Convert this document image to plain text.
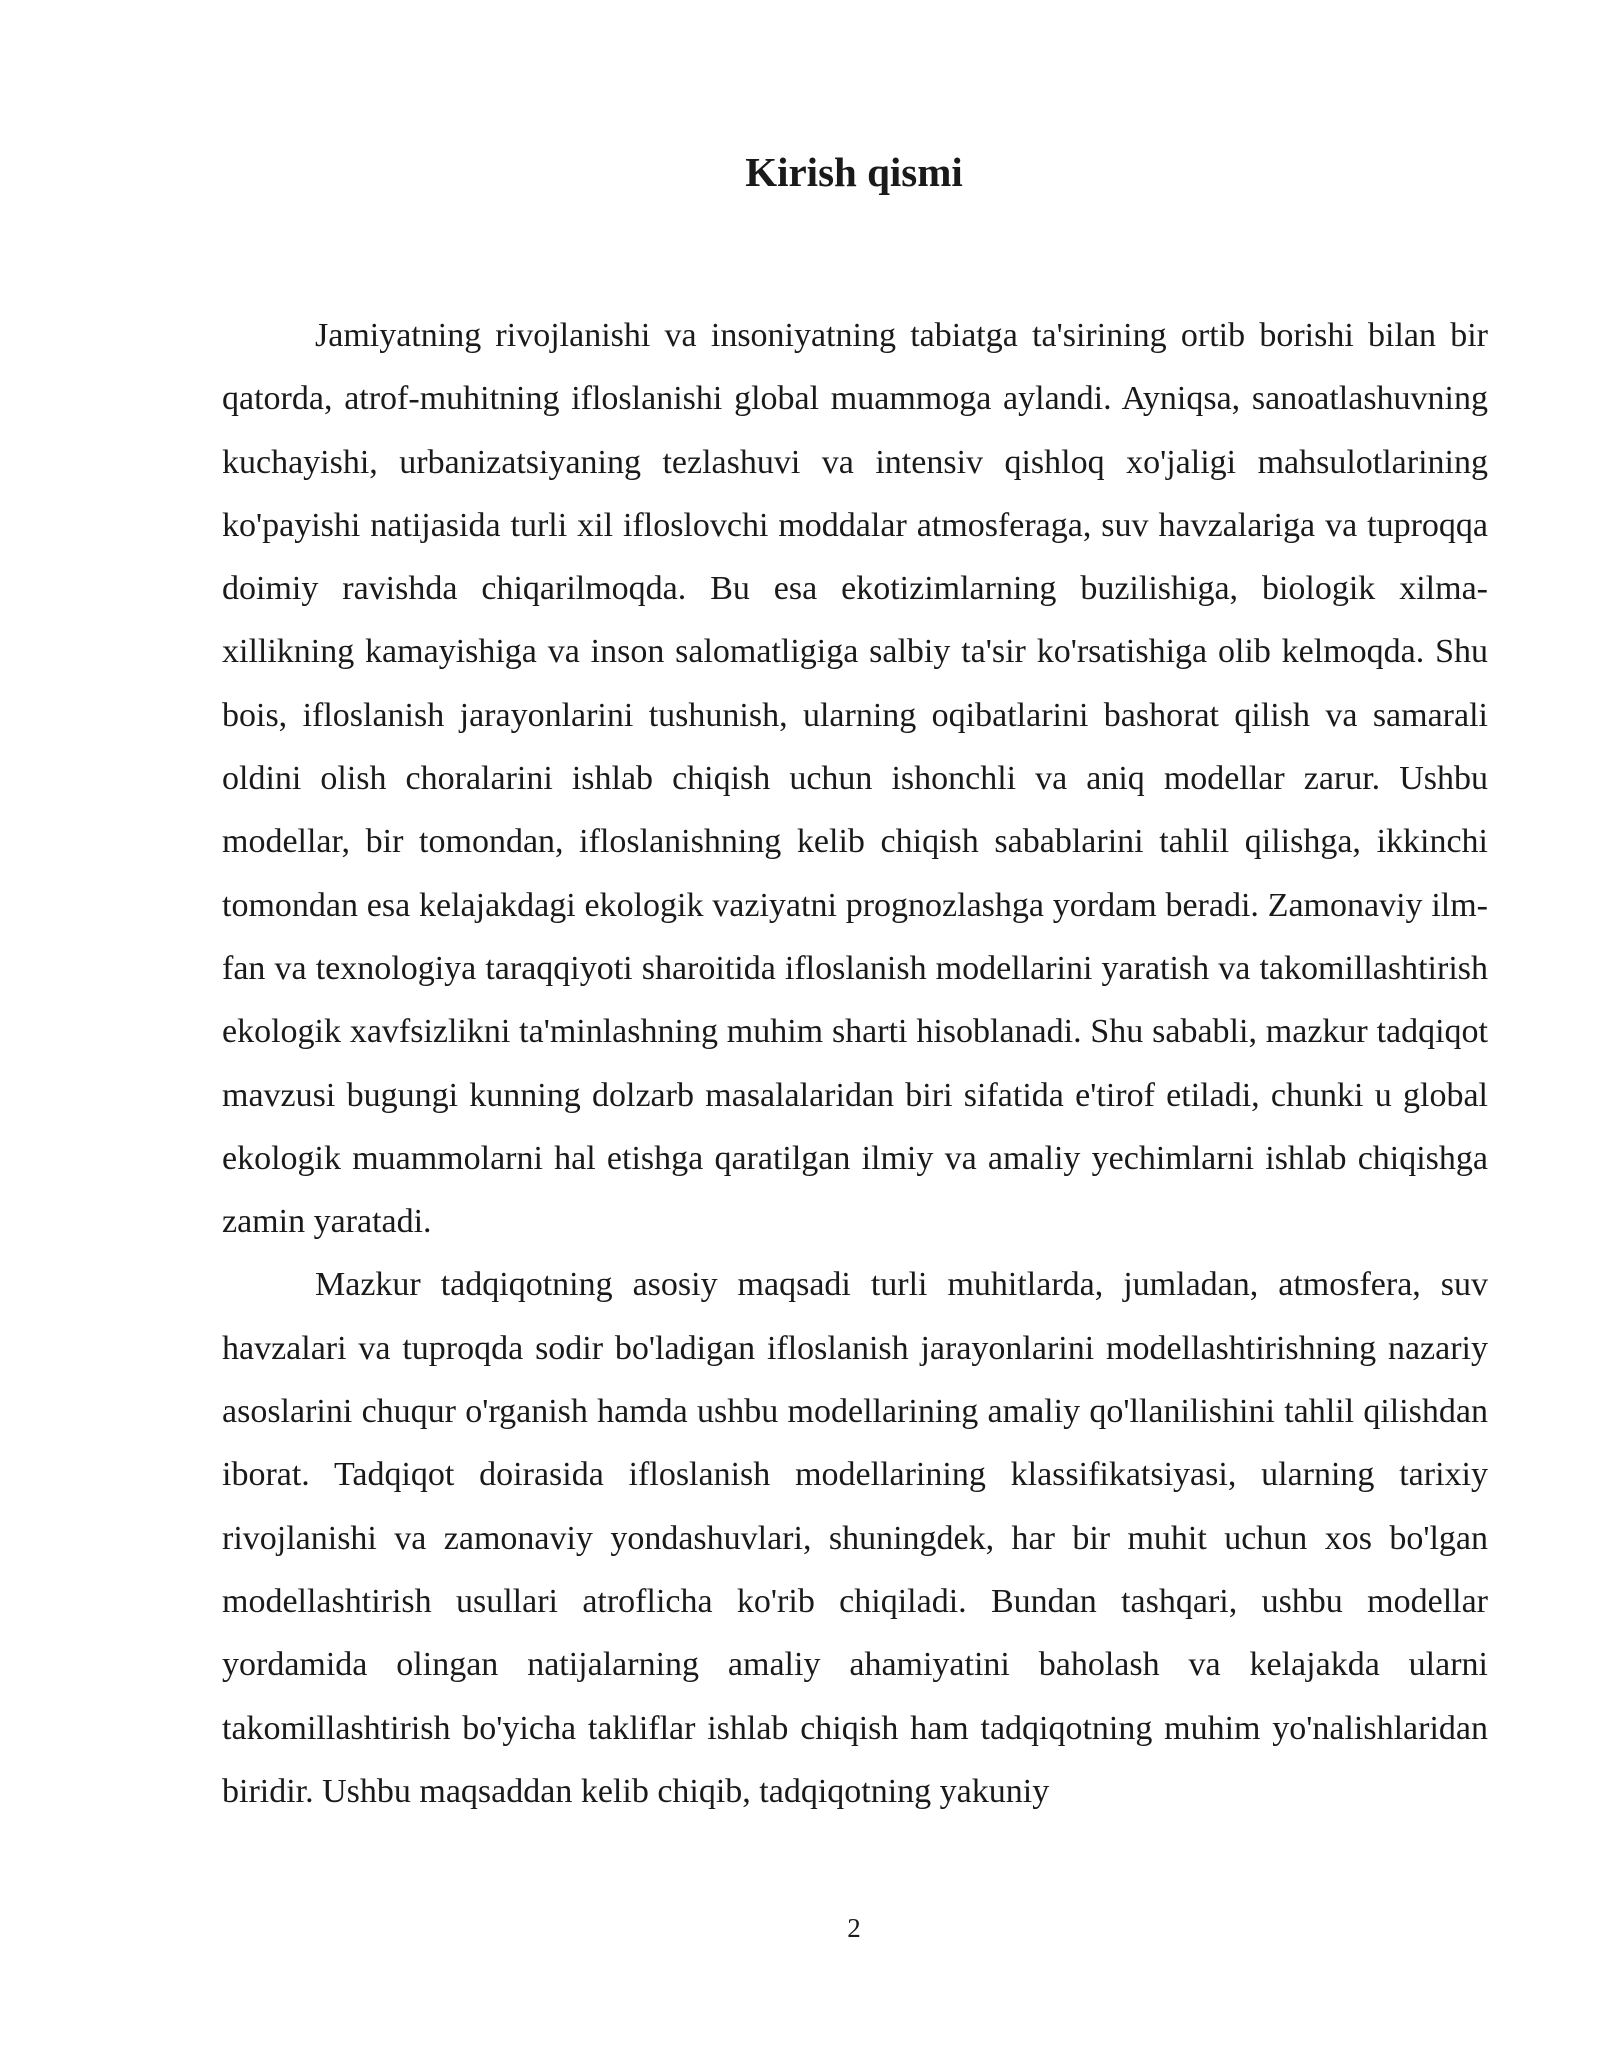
Kirish qismi

Jamiyatning rivojlanishi va insoniyatning tabiatga ta'sirining ortib borishi bilan bir qatorda, atrof-muhitning ifloslanishi global muammoga aylandi. Ayniqsa, sanoatlashuvning kuchayishi, urbanizatsiyaning tezlashuvi va intensiv qishloq xo'jaligi mahsulotlarining ko'payishi natijasida turli xil ifloslovchi moddalar atmosferaga, suv havzalariga va tuproqqa doimiy ravishda chiqarilmoqda. Bu esa ekotizimlarning buzilishiga, biologik xilma-xillikning kamayishiga va inson salomatligiga salbiy ta'sir ko'rsatishiga olib kelmoqda. Shu bois, ifloslanish jarayonlarini tushunish, ularning oqibatlarini bashorat qilish va samarali oldini olish choralarini ishlab chiqish uchun ishonchli va aniq modellar zarur. Ushbu modellar, bir tomondan, ifloslanishning kelib chiqish sabablarini tahlil qilishga, ikkinchi tomondan esa kelajakdagi ekologik vaziyatni prognozlashga yordam beradi. Zamonaviy ilm-fan va texnologiya taraqqiyoti sharoitida ifloslanish modellarini yaratish va takomillashtirish ekologik xavfsizlikni ta'minlashning muhim sharti hisoblanadi. Shu sababli, mazkur tadqiqot mavzusi bugungi kunning dolzarb masalalaridan biri sifatida e'tirof etiladi, chunki u global ekologik muammolarni hal etishga qaratilgan ilmiy va amaliy yechimlarni ishlab chiqishga zamin yaratadi.

Mazkur tadqiqotning asosiy maqsadi turli muhitlarda, jumladan, atmosfera, suv havzalari va tuproqda sodir bo'ladigan ifloslanish jarayonlarini modellashtirishning nazariy asoslarini chuqur o'rganish hamda ushbu modellarining amaliy qo'llanilishini tahlil qilishdan iborat. Tadqiqot doirasida ifloslanish modellarining klassifikatsiyasi, ularning tarixiy rivojlanishi va zamonaviy yondashuvlari, shuningdek, har bir muhit uchun xos bo'lgan modellashtirish usullari atroflicha ko'rib chiqiladi. Bundan tashqari, ushbu modellar yordamida olingan natijalarning amaliy ahamiyatini baholash va kelajakda ularni takomillashtirish bo'yicha takliflar ishlab chiqish ham tadqiqotning muhim yo'nalishlaridan biridir. Ushbu maqsaddan kelib chiqib, tadqiqotning yakuniy

2
